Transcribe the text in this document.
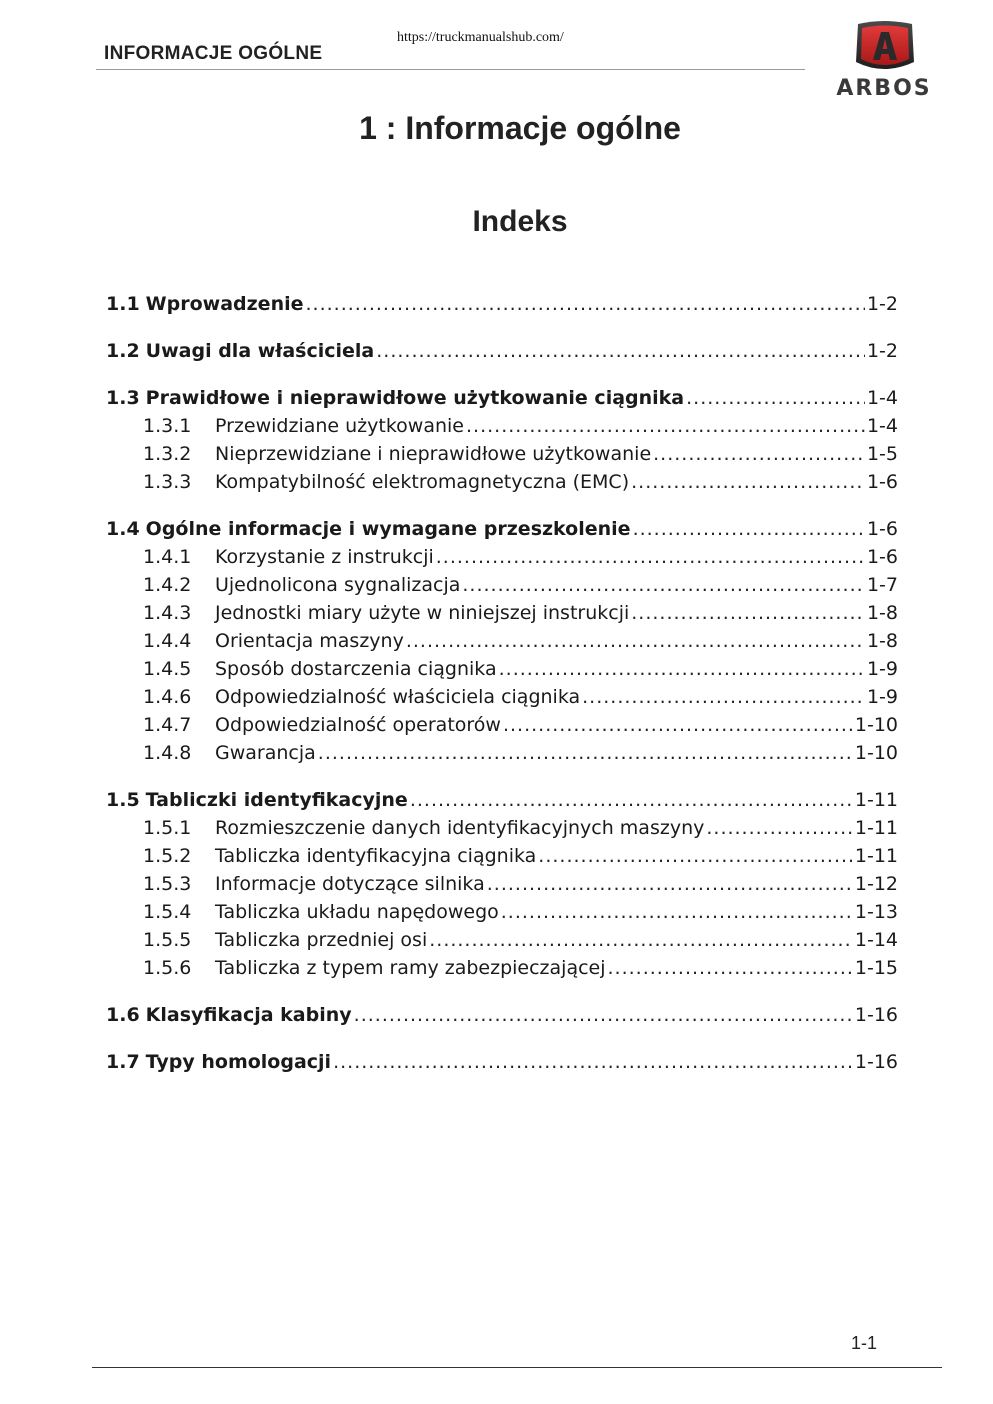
https://truckmanualshub.com/
INFORMACJE OGÓLNE
ARBOS
1 : Informacje ogólne
Indeks
1.1 Wprowadzenie .....	1-2
1.2 Uwagi dla właściciela .....	1-2
1.3 Prawidłowe i nieprawidłowe użytkowanie ciągnika .....	1-4
1.3.1	Przewidziane użytkowanie .....	1-4
1.3.2	Nieprzewidziane i nieprawidłowe użytkowanie .....	1-5
1.3.3	Kompatybilność elektromagnetyczna (EMC) .....	1-6
1.4 Ogólne informacje i wymagane przeszkolenie .....	1-6
1.4.1	Korzystanie z instrukcji .....	1-6
1.4.2	Ujednolicona sygnalizacja .....	1-7
1.4.3	Jednostki miary użyte w niniejszej instrukcji .....	1-8
1.4.4	Orientacja maszyny .....	1-8
1.4.5	Sposób dostarczenia ciągnika .....	1-9
1.4.6	Odpowiedzialność właściciela ciągnika .....	1-9
1.4.7	Odpowiedzialność operatorów .....	1-10
1.4.8	Gwarancja .....	1-10
1.5 Tabliczki identyfikacyjne .....	1-11
1.5.1	Rozmieszczenie danych identyfikacyjnych maszyny .....	1-11
1.5.2	Tabliczka identyfikacyjna ciągnika .....	1-11
1.5.3	Informacje dotyczące silnika .....	1-12
1.5.4	Tabliczka układu napędowego .....	1-13
1.5.5	Tabliczka przedniej osi .....	1-14
1.5.6	Tabliczka z typem ramy zabezpieczającej .....	1-15
1.6 Klasyfikacja kabiny .....	1-16
1.7 Typy homologacji .....	1-16
1-1
